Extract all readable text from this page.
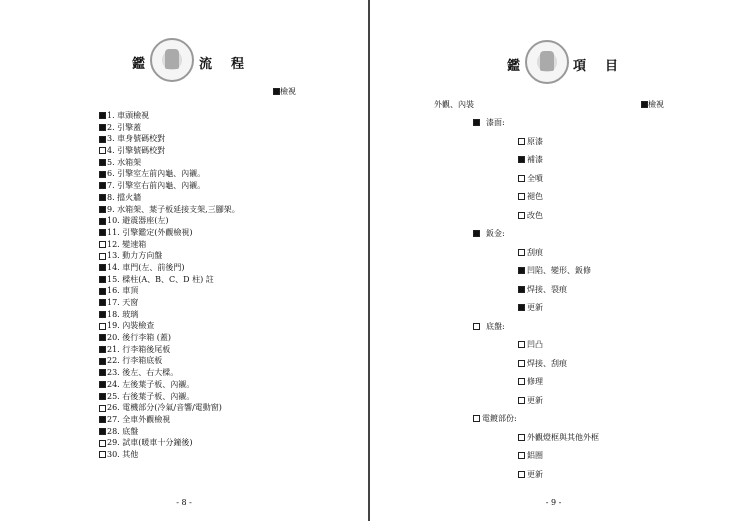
鑑	流 程
檢視
1. 車頭檢視
2. 引擎蓋
3. 車身號碼校對
4. 引擎號碼校對
5. 水箱架
6. 引擎室左前內龜、內襯。
7. 引擎室右前內龜、內襯。
8. 擋火牆
9. 水箱架、葉子板延接支架,三腳架。
10. 避震器座(左)
11. 引擎鑑定(外觀檢視)
12. 變速箱
13. 動力方向盤
14. 車門(左、前後門)
15. 樑柱(A、B、C、D 柱) 註
16. 車頂
17. 天窗
18. 玻璃
19. 內裝檢查
20. 後行李箱 (蓋)
21. 行李箱後尾板
22. 行李箱底板
23. 後左、右大樑。
24. 左後葉子板、內襯。
25. 右後葉子板、內襯。
26. 電機部分(冷氣/音響/電動窗)
27. 全車外觀檢視
28. 底盤
29. 試車(暖車十分鐘後)
30. 其他
- 8 -
鑑	項 目
外觀、內裝	檢視
漆面:
原漆
補漆
全噴
褪色
改色
鈑金:
刮痕
凹陷、變形、鈑修
焊接、裂痕
更新
底盤:
凹凸
焊接、刮痕
修理
更新
電鍍部份:
外觀燈框與其他外框
鋁圈
更新
- 9 -
